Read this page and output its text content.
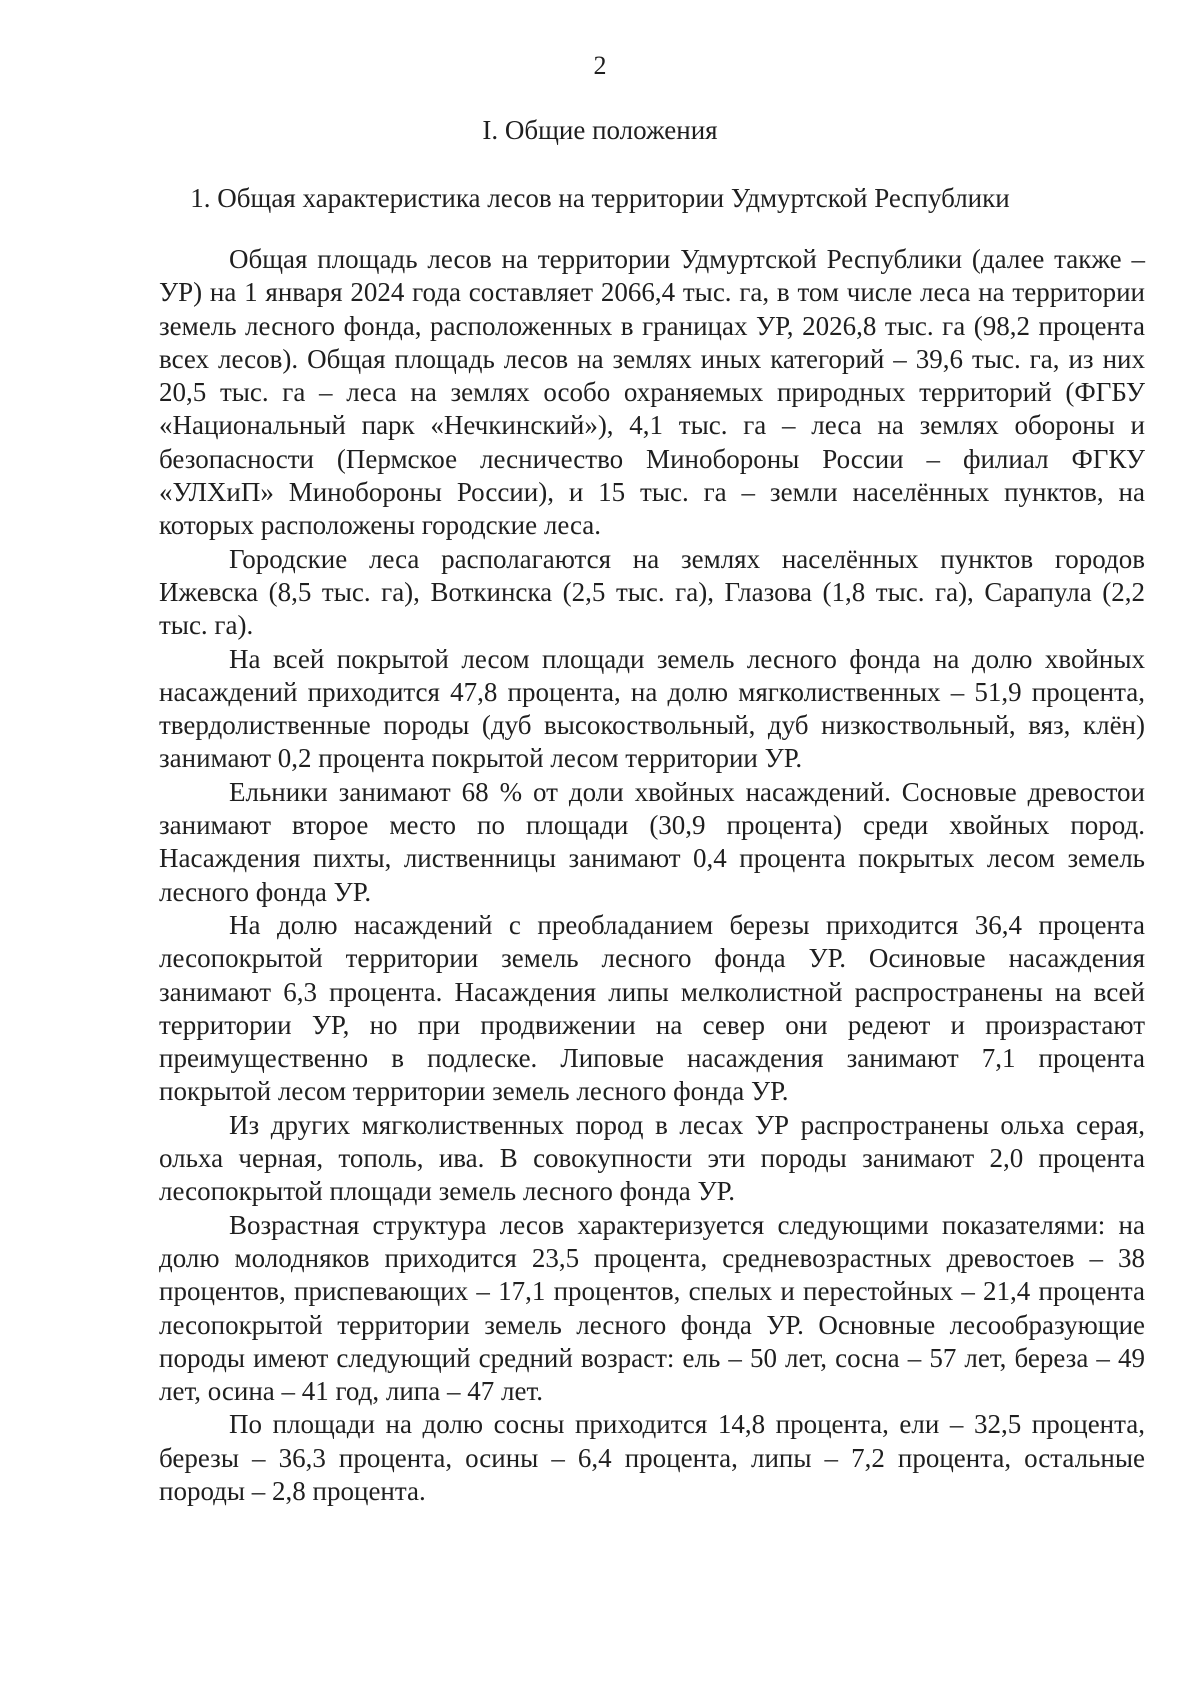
2
I. Общие положения
1. Общая характеристика лесов на территории Удмуртской Республики

Общая площадь лесов на территории Удмуртской Республики (далее также – УР) на 1 января 2024 года составляет 2066,4 тыс. га, в том числе леса на территории земель лесного фонда, расположенных в границах УР, 2026,8 тыс. га (98,2 процента всех лесов). Общая площадь лесов на землях иных категорий – 39,6 тыс. га, из них 20,5 тыс. га – леса на землях особо охраняемых природных территорий (ФГБУ «Национальный парк «Нечкинский»), 4,1 тыс. га – леса на землях обороны и безопасности (Пермское лесничество Минобороны России – филиал ФГКУ «УЛХиП» Минобороны России), и 15 тыс. га – земли населённых пунктов, на которых расположены городские леса.

Городские леса располагаются на землях населённых пунктов городов Ижевска (8,5 тыс. га), Воткинска (2,5 тыс. га), Глазова (1,8 тыс. га), Сарапула (2,2 тыс. га).

На всей покрытой лесом площади земель лесного фонда на долю хвойных насаждений приходится 47,8 процента, на долю мягколиственных – 51,9 процента, твердолиственные породы (дуб высокоствольный, дуб низкоствольный, вяз, клён) занимают 0,2 процента покрытой лесом территории УР.

Ельники занимают 68 % от доли хвойных насаждений. Сосновые древостои занимают второе место по площади (30,9 процента) среди хвойных пород. Насаждения пихты, лиственницы занимают 0,4 процента покрытых лесом земель лесного фонда УР.

На долю насаждений с преобладанием березы приходится 36,4 процента лесопокрытой территории земель лесного фонда УР. Осиновые насаждения занимают 6,3 процента. Насаждения липы мелколистной распространены на всей территории УР, но при продвижении на север они редеют и произрастают преимущественно в подлеске. Липовые насаждения занимают 7,1 процента покрытой лесом территории земель лесного фонда УР.

Из других мягколиственных пород в лесах УР распространены ольха серая, ольха черная, тополь, ива. В совокупности эти породы занимают 2,0 процента лесопокрытой площади земель лесного фонда УР.

Возрастная структура лесов характеризуется следующими показателями: на долю молодняков приходится 23,5 процента, средневозрастных древостоев – 38 процентов, приспевающих – 17,1 процентов, спелых и перестойных – 21,4 процента лесопокрытой территории земель лесного фонда УР. Основные лесообразующие породы имеют следующий средний возраст: ель – 50 лет, сосна – 57 лет, береза – 49 лет, осина – 41 год, липа – 47 лет.

По площади на долю сосны приходится 14,8 процента, ели – 32,5 процента, березы – 36,3 процента, осины – 6,4 процента, липы – 7,2 процента, остальные породы – 2,8 процента.
